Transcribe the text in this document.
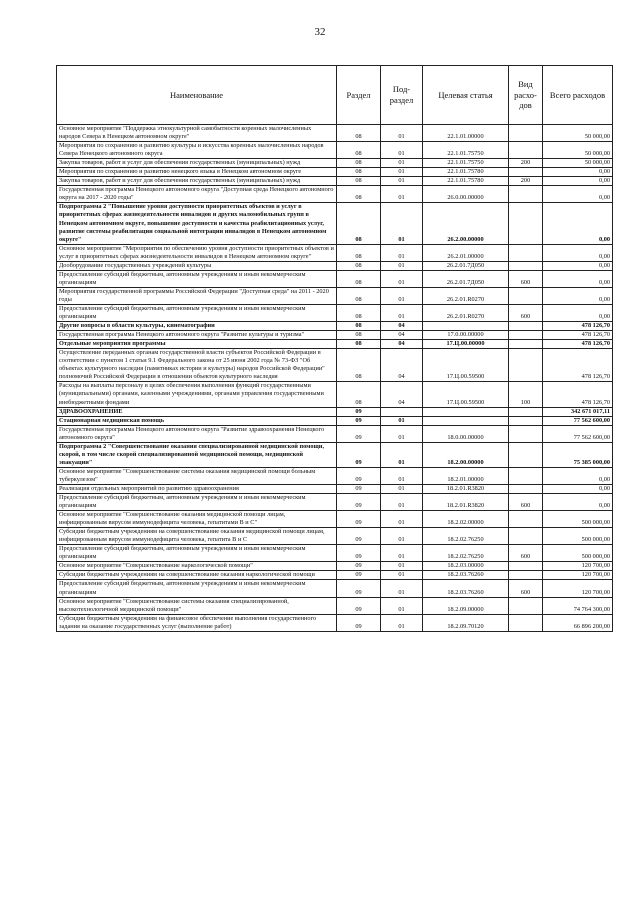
32
Наименование	Раздел	Под-раздел	Целевая статья	Вид расхо-дов	Всего расходов
Основное мероприятие "Поддержка этнокультурной самобытности коренных малочисленных народов Севера в Ненецком автономном округе"	08	01	22.1.01.00000		50 000,00
Мероприятия по сохранению и развитию культуры и искусства коренных малочисленных народов Севера Ненецкого автономного округа	08	01	22.1.01.75750		50 000,00
Закупка товаров, работ и услуг для обеспечения государственных (муниципальных) нужд	08	01	22.1.01.75750	200	50 000,00
Мероприятия по сохранению и развитию ненецкого языка в Ненецком автономном округе	08	01	22.1.01.75780		0,00
Закупка товаров, работ и услуг для обеспечения государственных (муниципальных) нужд	08	01	22.1.01.75780	200	0,00
Государственная программа Ненецкого автономного округа "Доступная среда Ненецкого автономного округа на 2017 - 2020 годы"	08	01	26.0.00.00000		0,00
Подпрограмма 2 "Повышение уровня доступности приоритетных объектов и услуг в приоритетных сферах жизнедеятельности инвалидов и других маломобильных групп в Ненецком автономном округе, повышение доступности и качества реабилитационных услуг, развитие системы реабилитации социальной интеграции инвалидов в Ненецком автономном округе"	08	01	26.2.00.00000		0,00
Основное мероприятие "Мероприятия по обеспечению уровня доступности приоритетных объектов и услуг в приоритетных сферах жизнедеятельности инвалидов в Ненецком автономном округе"	08	01	26.2.01.00000		0,00
Дооборудование государственных учреждений культуры	08	01	26.2.01.7Д050		0,00
Предоставление субсидий бюджетным, автономным учреждениям и иным некоммерческим организациям	08	01	26.2.01.7Д050	600	0,00
Мероприятия государственной программы Российской Федерации "Доступная среда" на 2011 - 2020 годы	08	01	26.2.01.R0270		0,00
Предоставление субсидий бюджетным, автономным учреждениям и иным некоммерческим организациям	08	01	26.2.01.R0270	600	0,00
Другие вопросы в области культуры, кинематографии	08	04			478 126,70
Государственная программа Ненецкого автономного округа "Развитие культуры и туризма"	08	04	17.0.00.00000		478 126,70
Отдельные мероприятия программы	08	04	17.Ц.00.00000		478 126,70
Осуществление переданных органам государственной власти субъектов Российской Федерации в соответствии с пунктом 1 статьи 9.1 Федерального закона от 25 июня 2002 года № 73-ФЗ "Об объектах культурного наследия (памятниках истории и культуры) народов Российской Федерации" полномочий Российской Федерации в отношении объектов культурного наследия	08	04	17.Ц.00.59500		478 126,70
Расходы на выплаты персоналу в целях обеспечения выполнения функций государственными (муниципальными) органами, казенными учреждениями, органами управления государственными внебюджетными фондами	08	04	17.Ц.00.59500	100	478 126,70
ЗДРАВООХРАНЕНИЕ	09				342 671 017,11
Стационарная медицинская помощь	09	01			77 562 600,00
Государственная программа Ненецкого автономного округа "Развитие здравоохранения Ненецкого автономного округа"	09	01	18.0.00.00000		77 562 600,00
Подпрограмма 2 "Совершенствование оказания специализированной медицинской помощи, скорой, в том числе скорой специализированной медицинской помощи, медицинской эвакуации"	09	01	18.2.00.00000		75 385 000,00
Основное мероприятие "Совершенствование системы оказания медицинской помощи больным туберкулезом"	09	01	18.2.01.00000		0,00
Реализация отдельных мероприятий по развитию здравоохранения	09	01	18.2.01.R3820		0,00
Предоставление субсидий бюджетным, автономным учреждениям и иным некоммерческим организациям	09	01	18.2.01.R3820	600	0,00
Основное мероприятие "Совершенствование оказания медицинской помощи лицам, инфицированным вирусом иммунодефицита человека, гепатитами В и С"	09	01	18.2.02.00000		500 000,00
Субсидии бюджетным учреждениям на совершенствование оказания медицинской помощи лицам, инфицированным вирусом иммунодефицита человека, гепатита В и С	09	01	18.2.02.76250		500 000,00
Предоставление субсидий бюджетным, автономным учреждениям и иным некоммерческим организациям	09	01	18.2.02.76250	600	500 000,00
Основное мероприятие "Совершенствование наркологической помощи"	09	01	18.2.03.00000		120 700,00
Субсидии бюджетным учреждениям на совершенствование оказания наркологической помощи	09	01	18.2.03.76260		120 700,00
Предоставление субсидий бюджетным, автономным учреждениям и иным некоммерческим организациям	09	01	18.2.03.76260	600	120 700,00
Основное мероприятие "Совершенствование системы оказания специализированной, высокотехнологичной медицинской помощи"	09	01	18.2.09.00000		74 764 300,00
Субсидии бюджетным учреждениям на финансовое обеспечение выполнения государственного задания на оказание государственных услуг (выполнение работ)	09	01	18.2.09.70120		66 896 200,00
